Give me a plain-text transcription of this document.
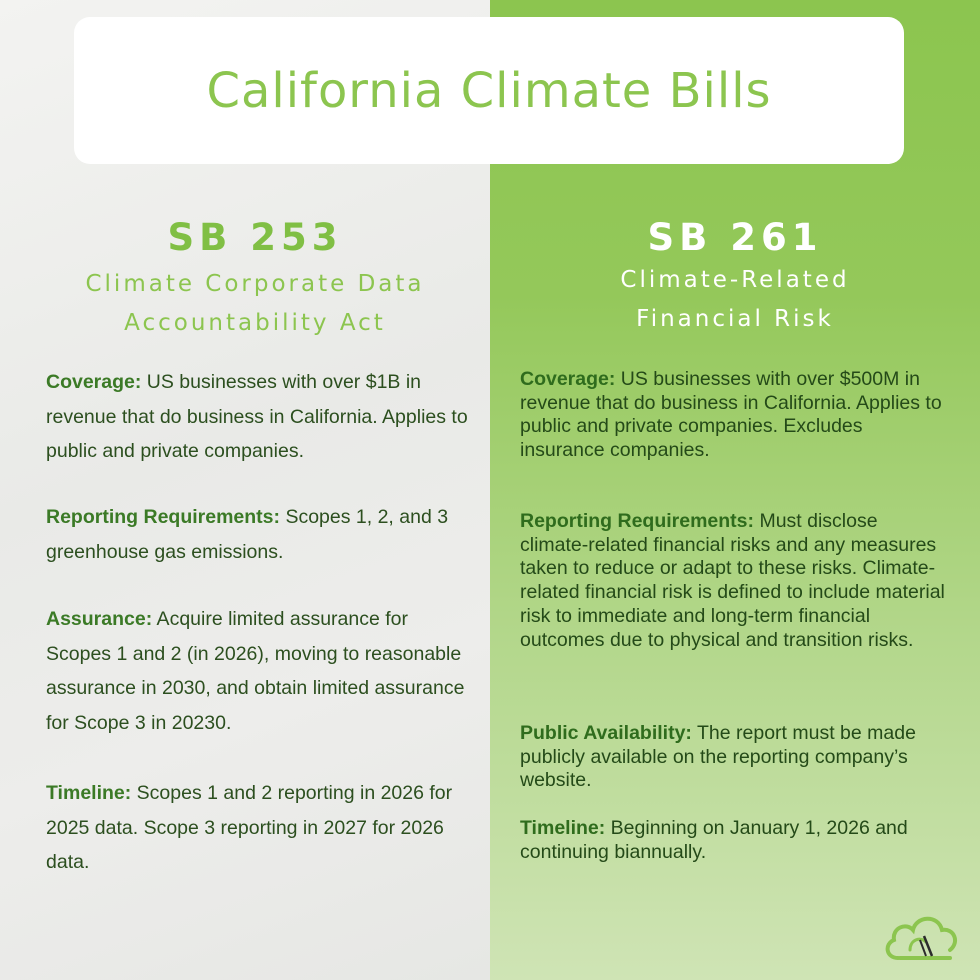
California Climate Bills

SB 253

Climate Corporate Data
Accountability Act

SB 261

Climate-Related
Financial Risk

Coverage: US businesses with over $1B in revenue that do business in California. Applies to public and private companies.

Reporting Requirements: Scopes 1, 2, and 3 greenhouse gas emissions.

Assurance: Acquire limited assurance for Scopes 1 and 2 (in 2026), moving to reasonable assurance in 2030, and obtain limited assurance for Scope 3 in 20230.

Timeline: Scopes 1 and 2 reporting in 2026 for 2025 data. Scope 3 reporting in 2027 for 2026 data.

Coverage: US businesses with over $500M in revenue that do business in California. Applies to public and private companies. Excludes insurance companies.

Reporting Requirements: Must disclose climate-related financial risks and any measures taken to reduce or adapt to these risks. Climate-related financial risk is defined to include material risk to immediate and long-term financial outcomes due to physical and transition risks.

Public Availability: The report must be made publicly available on the reporting company’s website.

Timeline: Beginning on January 1, 2026 and continuing biannually.
